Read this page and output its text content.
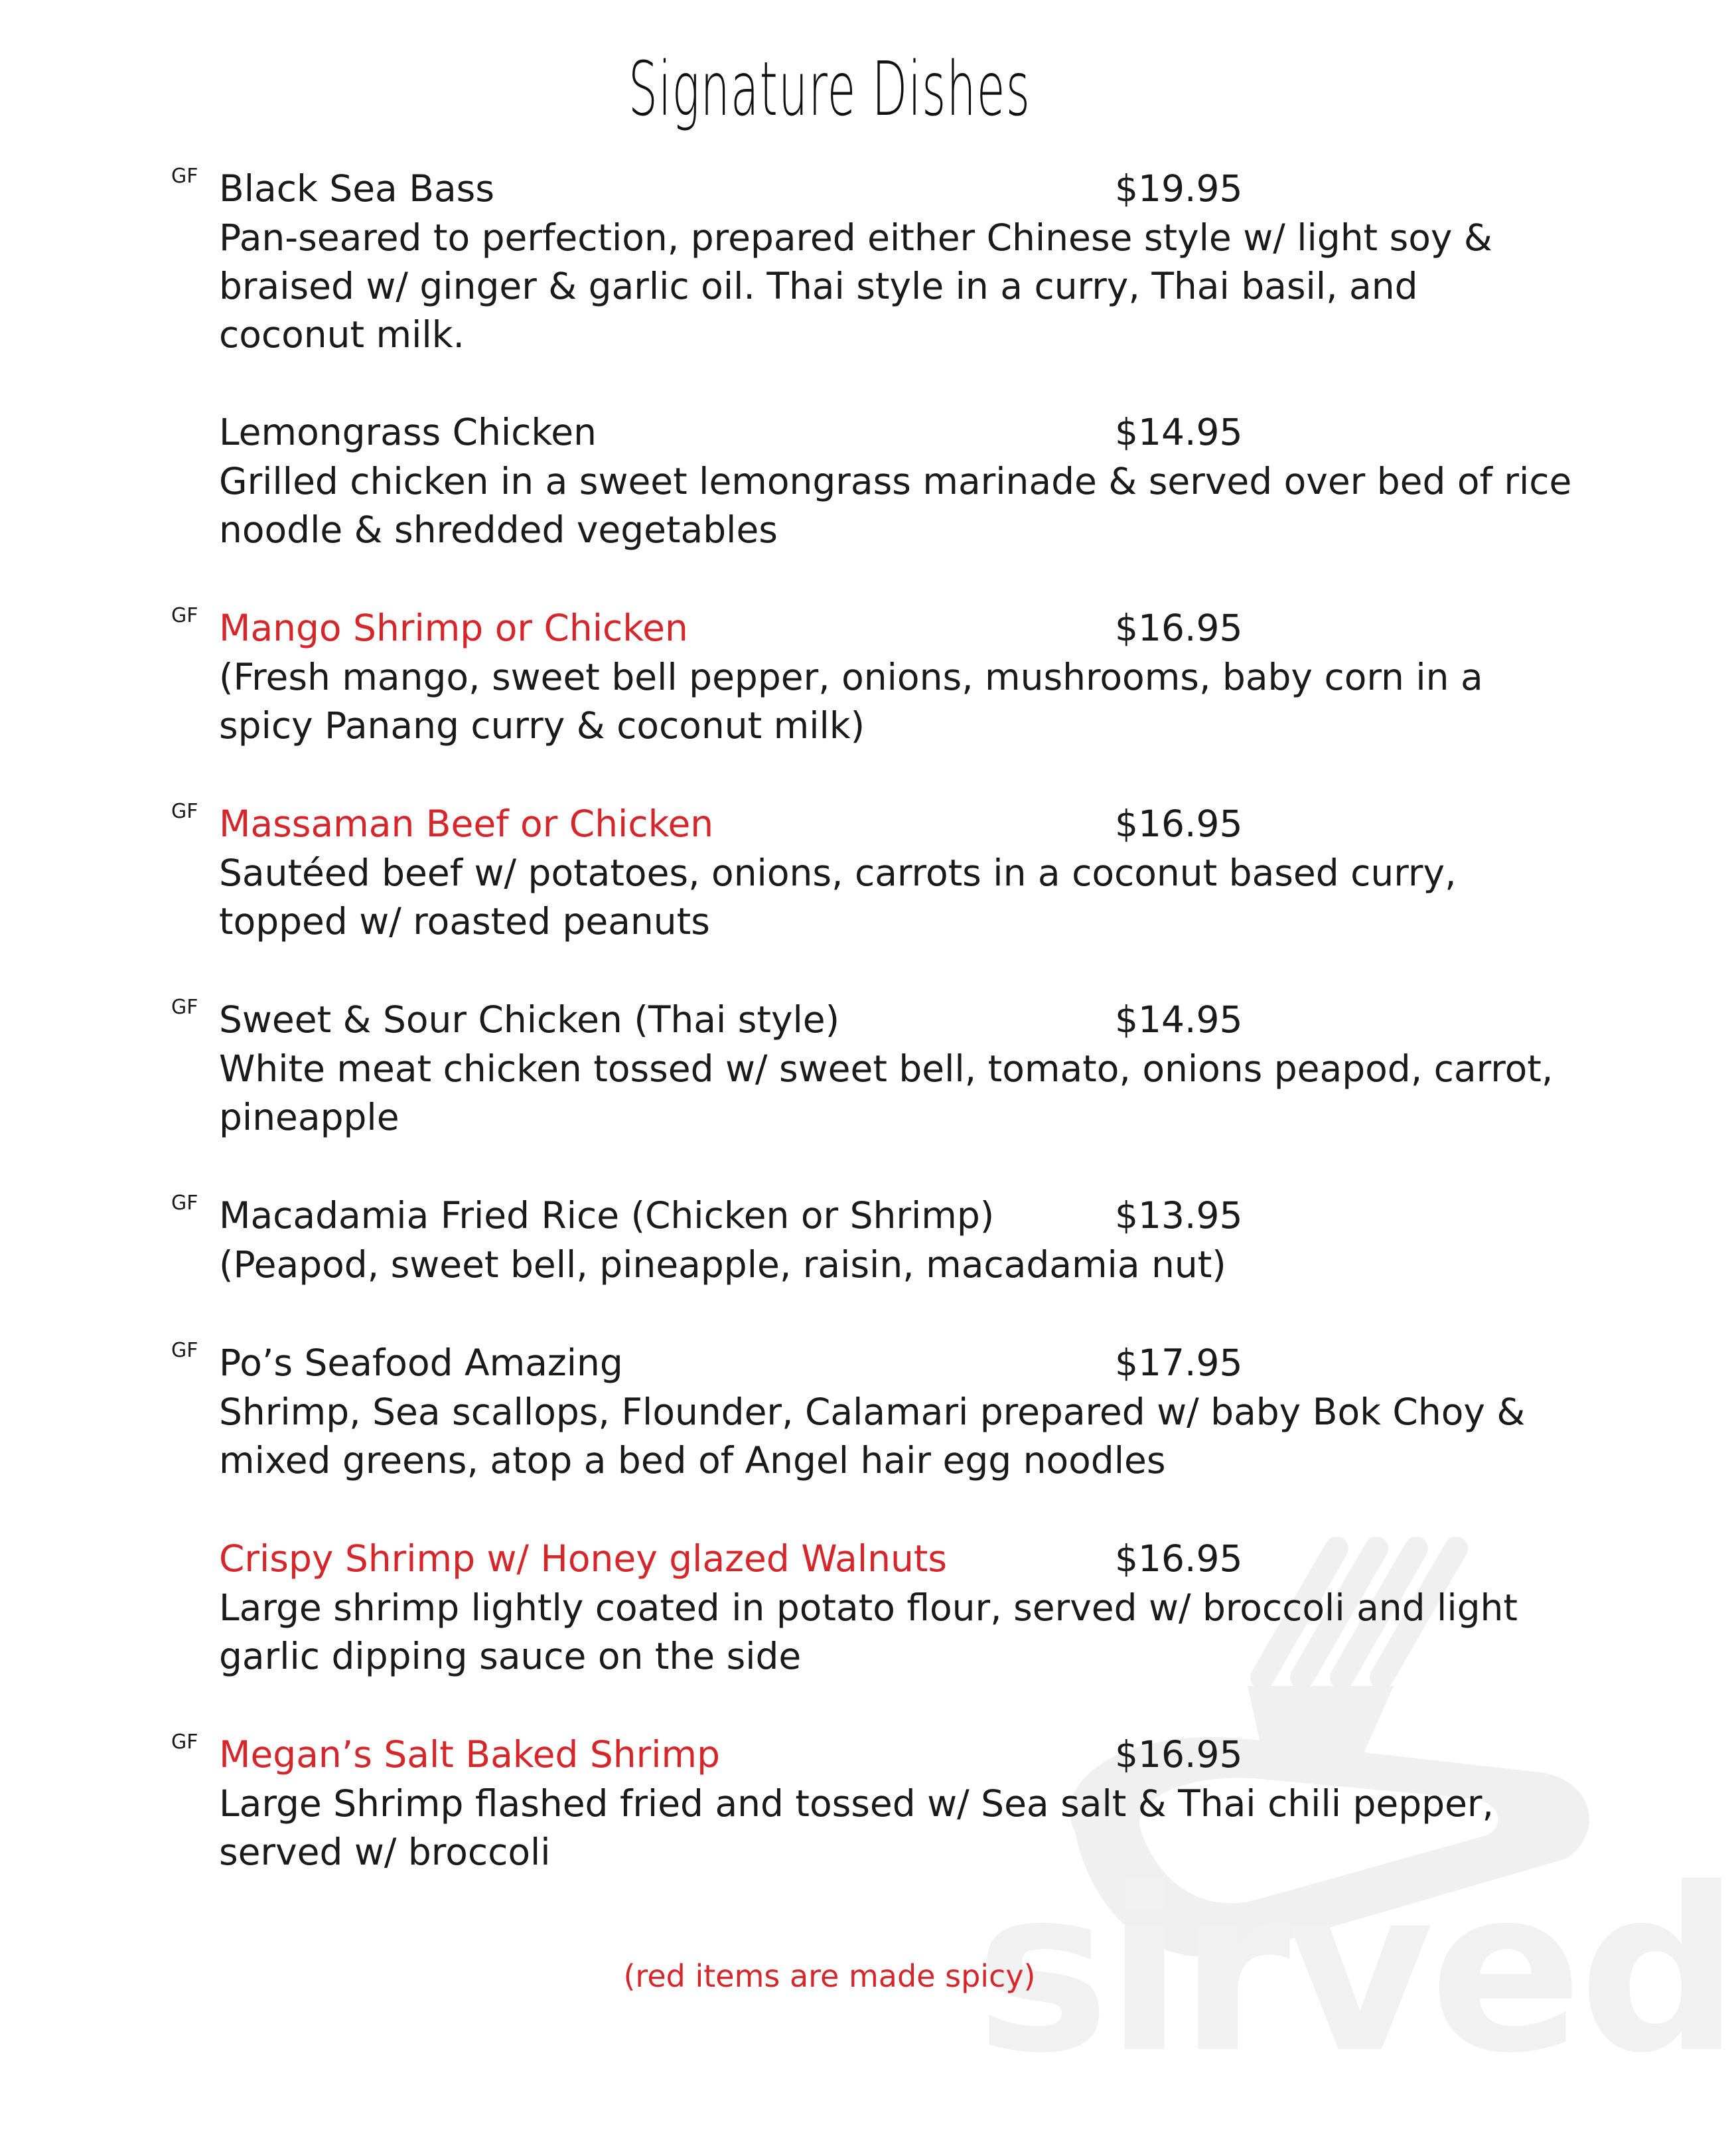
sirved
Signature Dishes
GF Black Sea Bass	$19.95
Pan-seared to perfection, prepared either Chinese style w/ light soy & braised w/ ginger & garlic oil. Thai style in a curry, Thai basil, and coconut milk.
Lemongrass Chicken	$14.95
Grilled chicken in a sweet lemongrass marinade & served over bed of rice noodle & shredded vegetables
GF Mango Shrimp or Chicken	$16.95
(Fresh mango, sweet bell pepper, onions, mushrooms, baby corn in a spicy Panang curry & coconut milk)
GF Massaman Beef or Chicken	$16.95
Sautéed beef w/ potatoes, onions, carrots in a coconut based curry, topped w/ roasted peanuts
GF Sweet & Sour Chicken (Thai style)	$14.95
White meat chicken tossed w/ sweet bell, tomato, onions peapod, carrot, pineapple
GF Macadamia Fried Rice (Chicken or Shrimp)	$13.95
(Peapod, sweet bell, pineapple, raisin, macadamia nut)
GF Po’s Seafood Amazing	$17.95
Shrimp, Sea scallops, Flounder, Calamari prepared w/ baby Bok Choy & mixed greens, atop a bed of Angel hair egg noodles
Crispy Shrimp w/ Honey glazed Walnuts	$16.95
Large shrimp lightly coated in potato flour, served w/ broccoli and light garlic dipping sauce on the side
GF Megan’s Salt Baked Shrimp	$16.95
Large Shrimp flashed fried and tossed w/ Sea salt & Thai chili pepper, served w/ broccoli
(red items are made spicy)
